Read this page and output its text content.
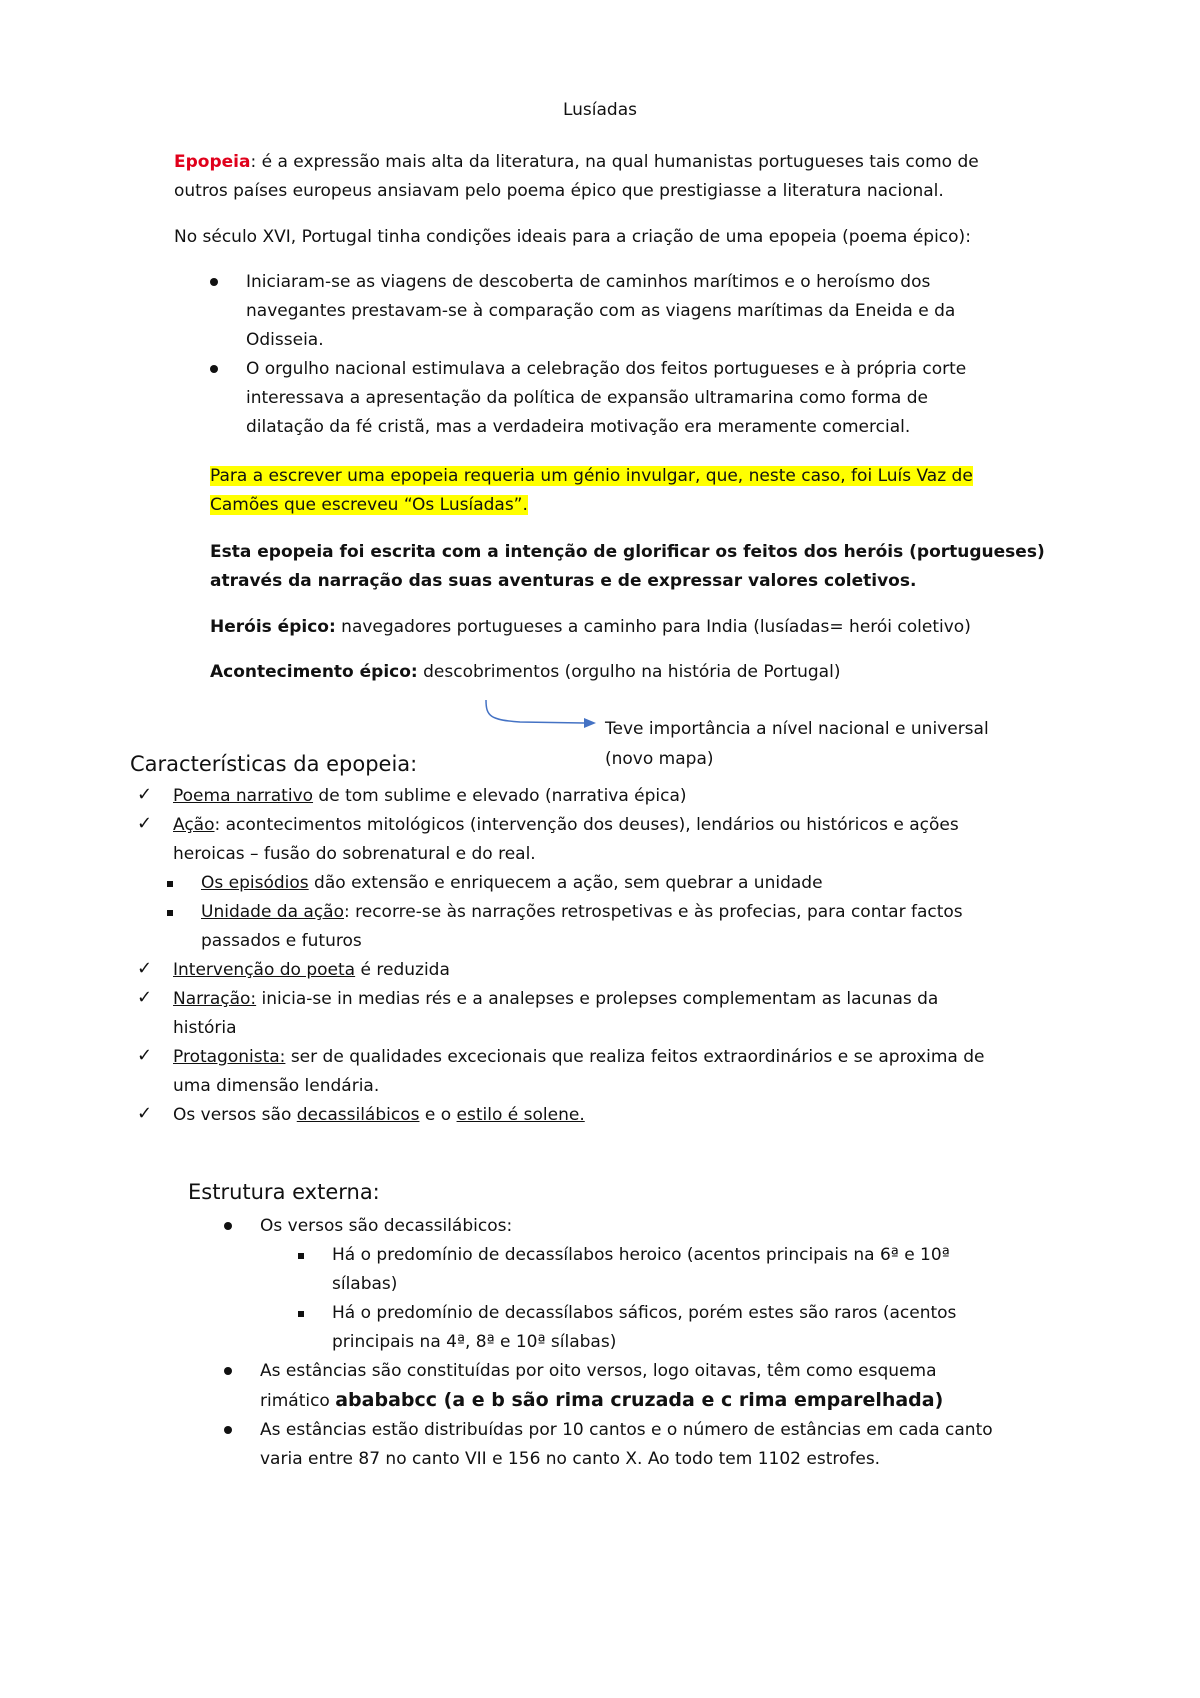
Lusíadas

Epopeia: é a expressão mais alta da literatura, na qual humanistas portugueses tais como de

outros países europeus ansiavam pelo poema épico que prestigiasse a literatura nacional.

No século XVI, Portugal tinha condições ideais para a criação de uma epopeia (poema épico):

Iniciaram-se as viagens de descoberta de caminhos marítimos e o heroísmo dos

navegantes prestavam-se à comparação com as viagens marítimas da Eneida e da

Odisseia.

O orgulho nacional estimulava a celebração dos feitos portugueses e à própria corte

interessava a apresentação da política de expansão ultramarina como forma de

dilatação da fé cristã, mas a verdadeira motivação era meramente comercial.

Para a escrever uma epopeia requeria um génio invulgar, que, neste caso, foi Luís Vaz de

Camões que escreveu “Os Lusíadas”.

Esta epopeia foi escrita com a intenção de glorificar os feitos dos heróis (portugueses)

através da narração das suas aventuras e de expressar valores coletivos.

Heróis épico: navegadores portugueses a caminho para India (lusíadas= herói coletivo)

Acontecimento épico: descobrimentos (orgulho na história de Portugal)

Teve importância a nível nacional e universal

(novo mapa)

Características da epopeia:

✓ Poema narrativo de tom sublime e elevado (narrativa épica)

✓ Ação: acontecimentos mitológicos (intervenção dos deuses), lendários ou históricos e ações

heroicas – fusão do sobrenatural e do real.

Os episódios dão extensão e enriquecem a ação, sem quebrar a unidade

Unidade da ação: recorre-se às narrações retrospetivas e às profecias, para contar factos

passados e futuros

✓ Intervenção do poeta é reduzida

✓ Narração: inicia-se in medias rés e a analepses e prolepses complementam as lacunas da

história

✓ Protagonista: ser de qualidades excecionais que realiza feitos extraordinários e se aproxima de

uma dimensão lendária.

✓ Os versos são decassilábicos e o estilo é solene.

Estrutura externa:

Os versos são decassilábicos:

Há o predomínio de decassílabos heroico (acentos principais na 6ª e 10ª

sílabas)

Há o predomínio de decassílabos sáficos, porém estes são raros (acentos

principais na 4ª, 8ª e 10ª sílabas)

As estâncias são constituídas por oito versos, logo oitavas, têm como esquema

rimático abababcc (a e b são rima cruzada e c rima emparelhada)

As estâncias estão distribuídas por 10 cantos e o número de estâncias em cada canto

varia entre 87 no canto VII e 156 no canto X. Ao todo tem 1102 estrofes.
